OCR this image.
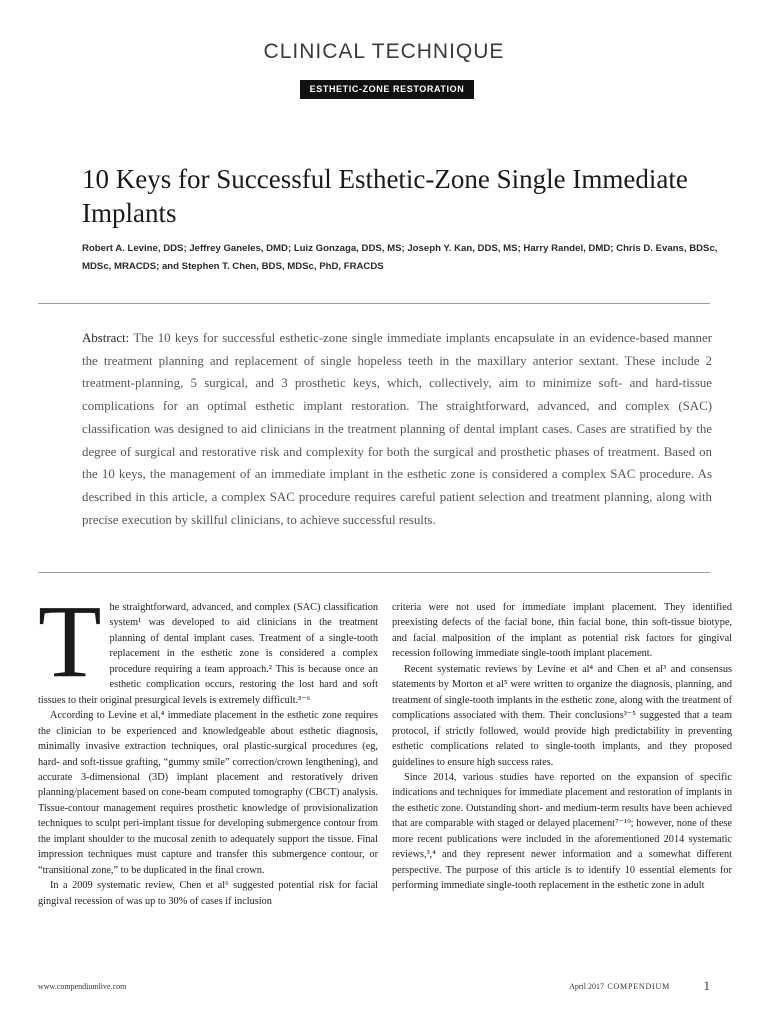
CLINICAL TECHNIQUE
ESTHETIC-ZONE RESTORATION
10 Keys for Successful Esthetic-Zone Single Immediate Implants
Robert A. Levine, DDS; Jeffrey Ganeles, DMD; Luiz Gonzaga, DDS, MS; Joseph Y. Kan, DDS, MS; Harry Randel, DMD; Chris D. Evans, BDSc, MDSc, MRACDS; and Stephen T. Chen, BDS, MDSc, PhD, FRACDS
Abstract: The 10 keys for successful esthetic-zone single immediate implants encapsulate in an evidence-based manner the treatment planning and replacement of single hopeless teeth in the maxillary anterior sextant. These include 2 treatment-planning, 5 surgical, and 3 prosthetic keys, which, collectively, aim to minimize soft- and hard-tissue complications for an optimal esthetic implant restoration. The straightforward, advanced, and complex (SAC) classification was designed to aid clinicians in the treatment planning of dental implant cases. Cases are stratified by the degree of surgical and restorative risk and complexity for both the surgical and prosthetic phases of treatment. Based on the 10 keys, the management of an immediate implant in the esthetic zone is considered a complex SAC procedure. As described in this article, a complex SAC procedure requires careful patient selection and treatment planning, along with precise execution by skillful clinicians, to achieve successful results.

The straightforward, advanced, and complex (SAC) classification system¹ was developed to aid clinicians in the treatment planning of dental implant cases. Treatment of a single-tooth replacement in the esthetic zone is considered a complex procedure requiring a team approach.² This is because once an esthetic complication occurs, restoring the lost hard and soft tissues to their original presurgical levels is extremely difficult.³⁻⁶

According to Levine et al,⁴ immediate placement in the esthetic zone requires the clinician to be experienced and knowledgeable about esthetic diagnosis, minimally invasive extraction techniques, oral plastic-surgical procedures (eg, hard- and soft-tissue grafting, “gummy smile” correction/crown lengthening), and accurate 3-dimensional (3D) implant placement and restoratively driven planning/placement based on cone-beam computed tomography (CBCT) analysis. Tissue-contour management requires prosthetic knowledge of provisionalization techniques to sculpt peri-implant tissue for developing submergence contour from the implant shoulder to the mucosal zenith to adequately support the tissue. Final impression techniques must capture and transfer this submergence contour, or “transitional zone,” to be duplicated in the final crown.

In a 2009 systematic review, Chen et al⁶ suggested potential risk for facial gingival recession of was up to 30% of cases if inclusion

criteria were not used for immediate implant placement. They identified preexisting defects of the facial bone, thin facial bone, thin soft-tissue biotype, and facial malposition of the implant as potential risk factors for gingival recession following immediate single-tooth implant placement.

Recent systematic reviews by Levine et al⁴ and Chen et al³ and consensus statements by Morton et al⁵ were written to organize the diagnosis, planning, and treatment of single-tooth implants in the esthetic zone, along with the treatment of complications associated with them. Their conclusions³⁻⁵ suggested that a team protocol, if strictly followed, would provide high predictability in preventing esthetic complications related to single-tooth implants, and they proposed guidelines to ensure high success rates.

Since 2014, various studies have reported on the expansion of specific indications and techniques for immediate placement and restoration of implants in the esthetic zone. Outstanding short- and medium-term results have been achieved that are comparable with staged or delayed placement⁷⁻¹⁹; however, none of these more recent publications were included in the aforementioned 2014 systematic reviews,³,⁴ and they represent newer information and a somewhat different perspective. The purpose of this article is to identify 10 essential elements for performing immediate single-tooth replacement in the esthetic zone in adult

www.compendiumlive.com	April 2017 COMPENDIUM	1
